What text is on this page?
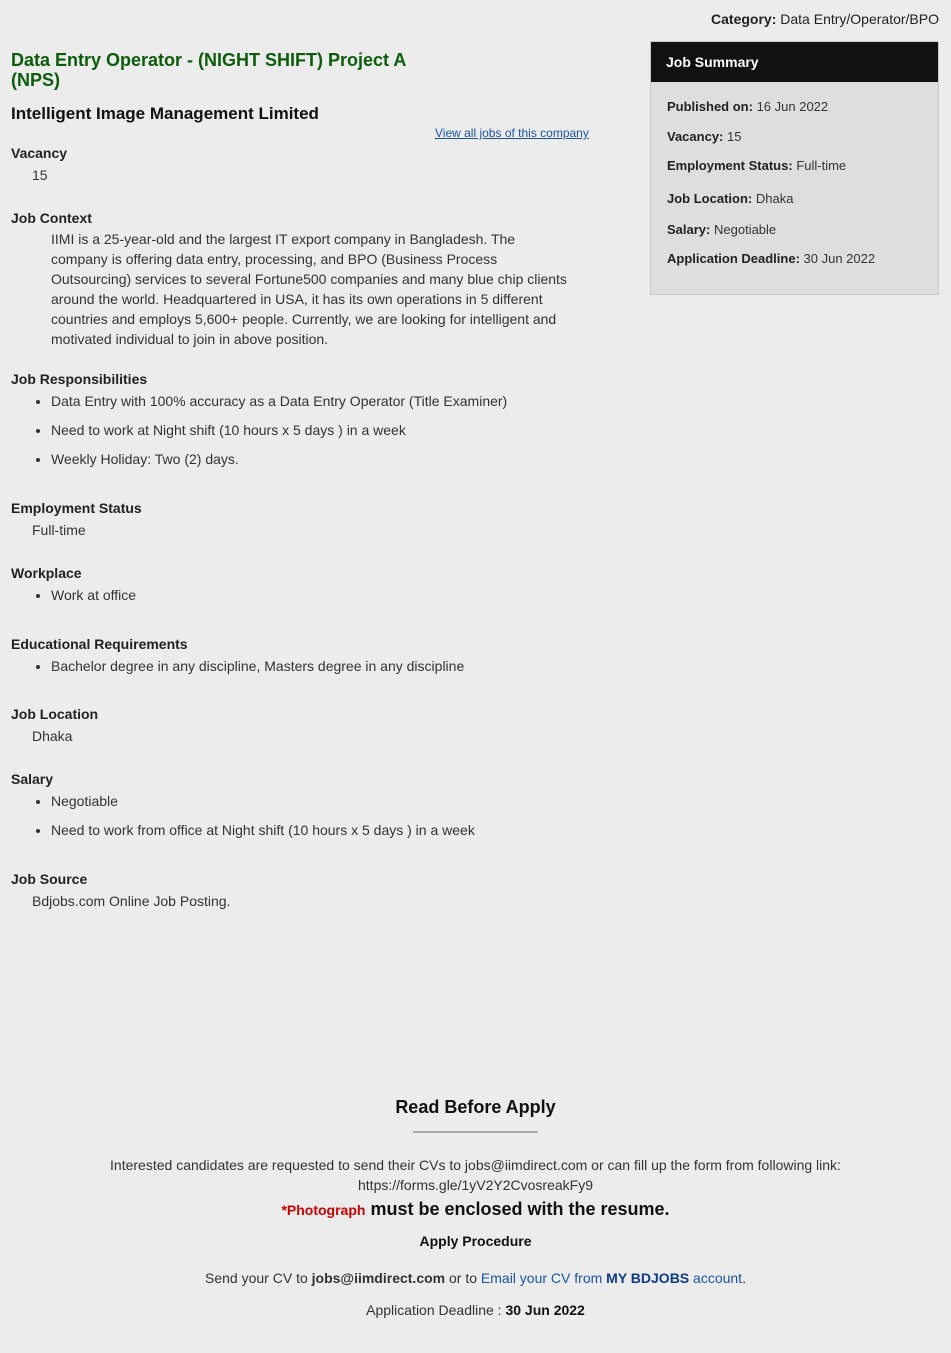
Category: Data Entry/Operator/BPO
Data Entry Operator - (NIGHT SHIFT) Project A (NPS)
Intelligent Image Management Limited
View all jobs of this company
Vacancy
15
Job Context
IIMI is a 25-year-old and the largest IT export company in Bangladesh. The company is offering data entry, processing, and BPO (Business Process Outsourcing) services to several Fortune500 companies and many blue chip clients around the world. Headquartered in USA, it has its own operations in 5 different countries and employs 5,600+ people. Currently, we are looking for intelligent and motivated individual to join in above position.
Job Responsibilities
• Data Entry with 100% accuracy as a Data Entry Operator (Title Examiner)
• Need to work at Night shift (10 hours x 5 days ) in a week
• Weekly Holiday: Two (2) days.
Employment Status
Full-time
Workplace
• Work at office
Educational Requirements
• Bachelor degree in any discipline, Masters degree in any discipline
Job Location
Dhaka
Salary
• Negotiable
• Need to work from office at Night shift (10 hours x 5 days ) in a week
Job Source
Bdjobs.com Online Job Posting.
Job Summary
Published on: 16 Jun 2022
Vacancy: 15
Employment Status: Full-time
Job Location: Dhaka
Salary: Negotiable
Application Deadline: 30 Jun 2022
Read Before Apply
Interested candidates are requested to send their CVs to jobs@iimdirect.com or can fill up the form from following link:
https://forms.gle/1yV2Y2CvosreakFy9
*Photograph must be enclosed with the resume.
Apply Procedure
Send your CV to jobs@iimdirect.com or to Email your CV from MY BDJOBS account.
Application Deadline : 30 Jun 2022
